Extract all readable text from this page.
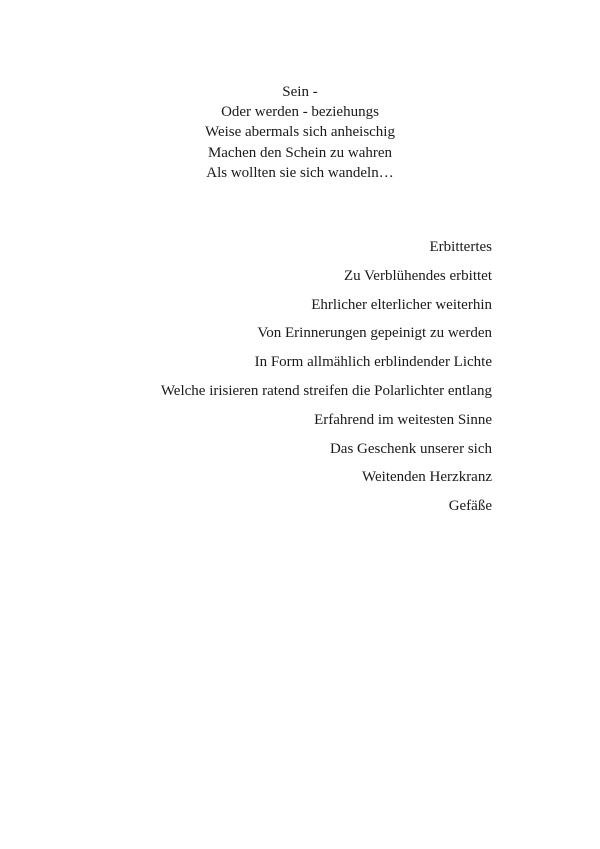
Sein -
Oder werden - beziehungs
Weise abermals sich anheischig
Machen den Schein zu wahren
Als wollten sie sich wandeln…
Erbittertes
Zu Verblühendes erbittet
Ehrlicher elterlicher weiterhin
Von Erinnerungen gepeinigt zu werden
In Form allmählich erblindender Lichte
Welche irisieren ratend streifen die Polarlichter entlang
Erfahrend im weitesten Sinne
Das Geschenk unserer sich
Weitenden Herzkranz
Gefäße
